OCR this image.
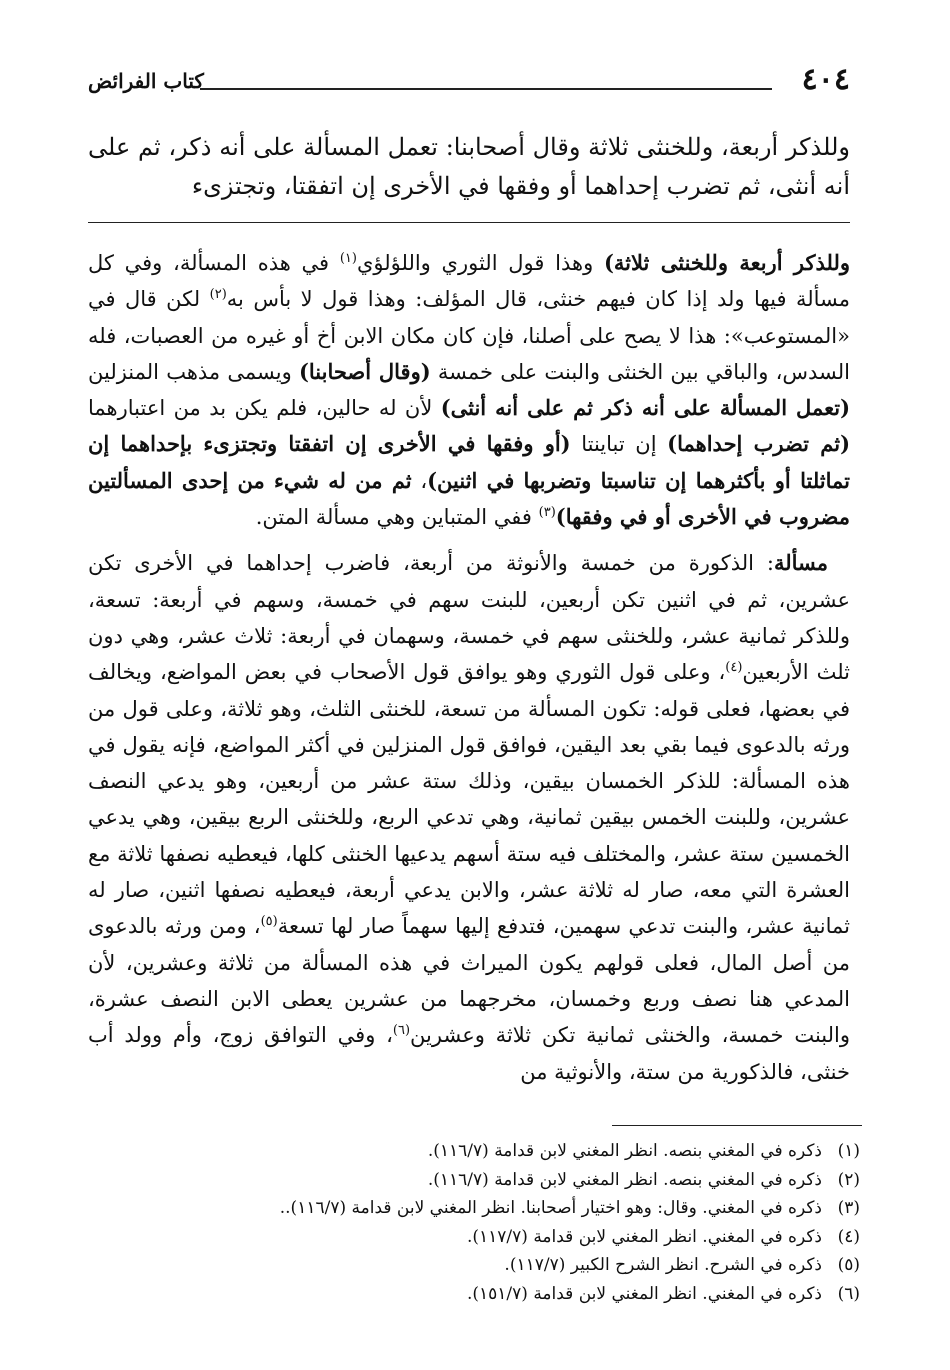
٤٠٤
كتاب الفرائض
وللذكر أربعة، وللخنثى ثلاثة وقال أصحابنا: تعمل المسألة على أنه ذكر، ثم على أنه أنثى، ثم تضرب إحداهما أو وفقها في الأخرى إن اتفقتا، وتجتزىء

وللذكر أربعة وللخنثى ثلاثة) وهذا قول الثوري واللؤلؤي$^{(١)}$ في هذه المسألة، وفي كل مسألة فيها ولد إذا كان فيهم خنثى، قال المؤلف: وهذا قول لا بأس به$^{(٢)}$ لكن قال في «المستوعب»: هذا لا يصح على أصلنا، فإن كان مكان الابن أخ أو غيره من العصبات، فله السدس، والباقي بين الخنثى والبنت على خمسة (وقال أصحابنا) ويسمى مذهب المنزلين (تعمل المسألة على أنه ذكر ثم على أنه أنثى) لأن له حالين، فلم يكن بد من اعتبارهما (ثم تضرب إحداهما) إن تباينتا (أو وفقها في الأخرى إن اتفقتا وتجتزىء بإحداهما إن تماثلتا أو بأكثرهما إن تناسبتا وتضربها في اثنين)، ثم من له شيء من إحدى المسألتين مضروب في الأخرى أو في وفقها)$^{(٣)}$ ففي المتباين وهي مسألة المتن.

مسألة: الذكورة من خمسة والأنوثة من أربعة، فاضرب إحداهما في الأخرى تكن عشرين، ثم في اثنين تكن أربعين، للبنت سهم في خمسة، وسهم في أربعة: تسعة، وللذكر ثمانية عشر، وللخنثى سهم في خمسة، وسهمان في أربعة: ثلاث عشر، وهي دون ثلث الأربعين$^{(٤)}$، وعلى قول الثوري وهو يوافق قول الأصحاب في بعض المواضع، ويخالف في بعضها، فعلى قوله: تكون المسألة من تسعة، للخنثى الثلث، وهو ثلاثة، وعلى قول من ورثه بالدعوى فيما بقي بعد اليقين، فوافق قول المنزلين في أكثر المواضع، فإنه يقول في هذه المسألة: للذكر الخمسان بيقين، وذلك ستة عشر من أربعين، وهو يدعي النصف عشرين، وللبنت الخمس بيقين ثمانية، وهي تدعي الربع، وللخنثى الربع بيقين، وهي يدعي الخمسين ستة عشر، والمختلف فيه ستة أسهم يدعيها الخنثى كلها، فيعطيه نصفها ثلاثة مع العشرة التي معه، صار له ثلاثة عشر، والابن يدعي أربعة، فيعطيه نصفها اثنين، صار له ثمانية عشر، والبنت تدعي سهمين، فتدفع إليها سهماً صار لها تسعة$^{(٥)}$، ومن ورثه بالدعوى من أصل المال، فعلى قولهم يكون الميراث في هذه المسألة من ثلاثة وعشرين، لأن المدعي هنا نصف وربع وخمسان، مخرجهما من عشرين يعطى الابن النصف عشرة، والبنت خمسة، والخنثى ثمانية تكن ثلاثة وعشرين$^{(٦)}$، وفي التوافق زوج، وأم وولد أب خنثى، فالذكورية من ستة، والأنوثية من

(١)ذكره في المغني بنصه. انظر المغني لابن قدامة (١١٦/٧).
(٢)ذكره في المغني بنصه. انظر المغني لابن قدامة (١١٦/٧).
(٣)ذكره في المغني. وقال: وهو اختيار أصحابنا. انظر المغني لابن قدامة (١١٦/٧)..
(٤)ذكره في المغني. انظر المغني لابن قدامة (١١٧/٧).
(٥)ذكره في الشرح. انظر الشرح الكبير (١١٧/٧).
(٦)ذكره في المغني. انظر المغني لابن قدامة (١٥١/٧).
